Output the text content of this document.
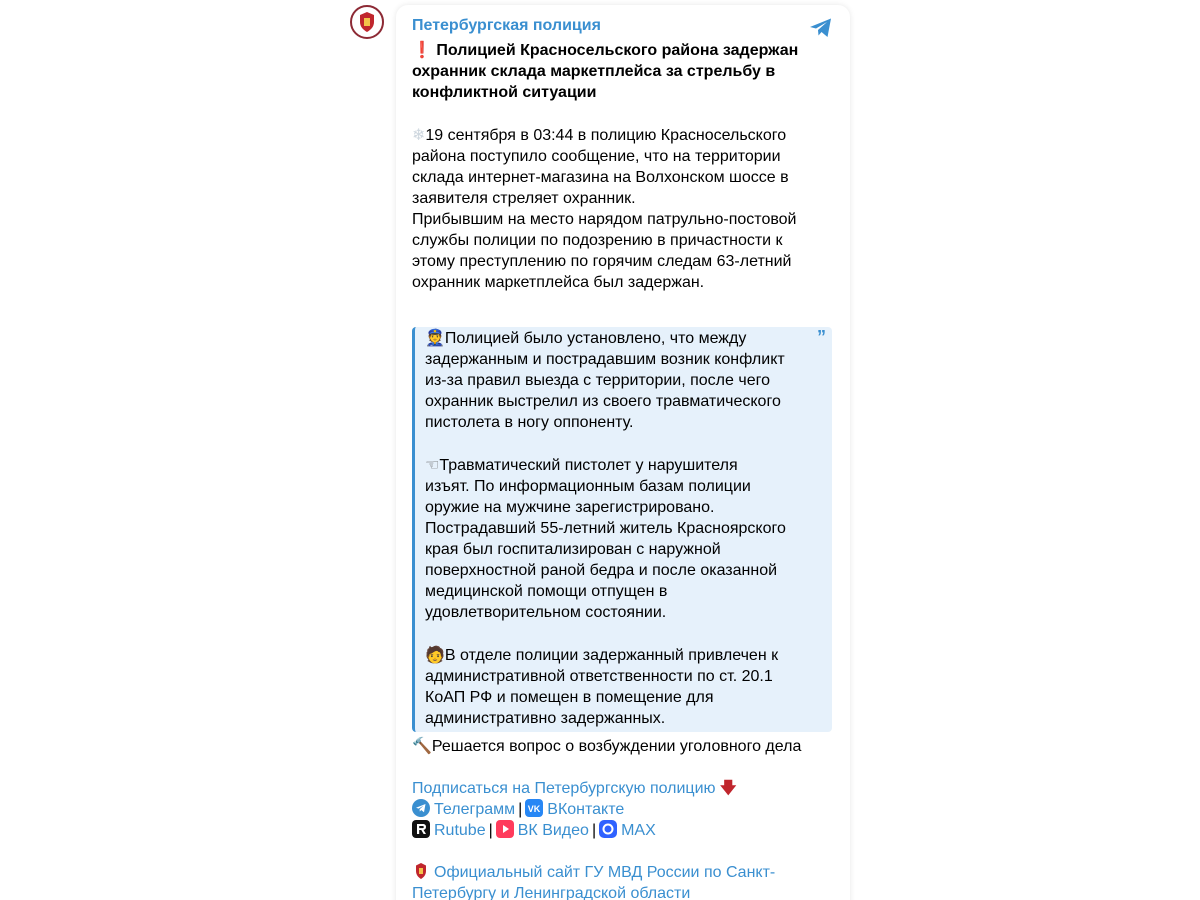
Петербургская полиция
❗ Полицией Красносельского района задержан охранник склада маркетплейса за стрельбу в конфликтной ситуации
❄19 сентября в 03:44 в полицию Красносельского
района поступило сообщение, что на территории
склада интернет-магазина на Волхонском шоссе в
заявителя стреляет охранник.
Прибывшим на место нарядом патрульно-постовой
службы полиции по подозрению в причастности к
этому преступлению по горячим следам 63-летний
охранник маркетплейса был задержан.
”
👮Полицией было установлено, что между
задержанным и пострадавшим возник конфликт
из-за правил выезда с территории, после чего
охранник выстрелил из своего травматического
пистолета в ногу оппоненту.
☜Травматический пистолет у нарушителя
изъят. По информационным базам полиции
оружие на мужчине зарегистрировано.
Пострадавший 55-летний житель Красноярского
края был госпитализирован с наружной
поверхностной раной бедра и после оказанной
медицинской помощи отпущен в
удовлетворительном состоянии.
🧑В отделе полиции задержанный привлечен к
административной ответственности по ст. 20.1
КоАП РФ и помещен в помещение для
административно задержанных.
🔨Решается вопрос о возбуждении уголовного дела
Подписаться на Петербургскую полицию 🡇
Телеграмм | VK ВКонтакте
Rutube | ВК Видео | MAX
Официальный сайт ГУ МВД России по Санкт-
Петербургу и Ленинградской области
